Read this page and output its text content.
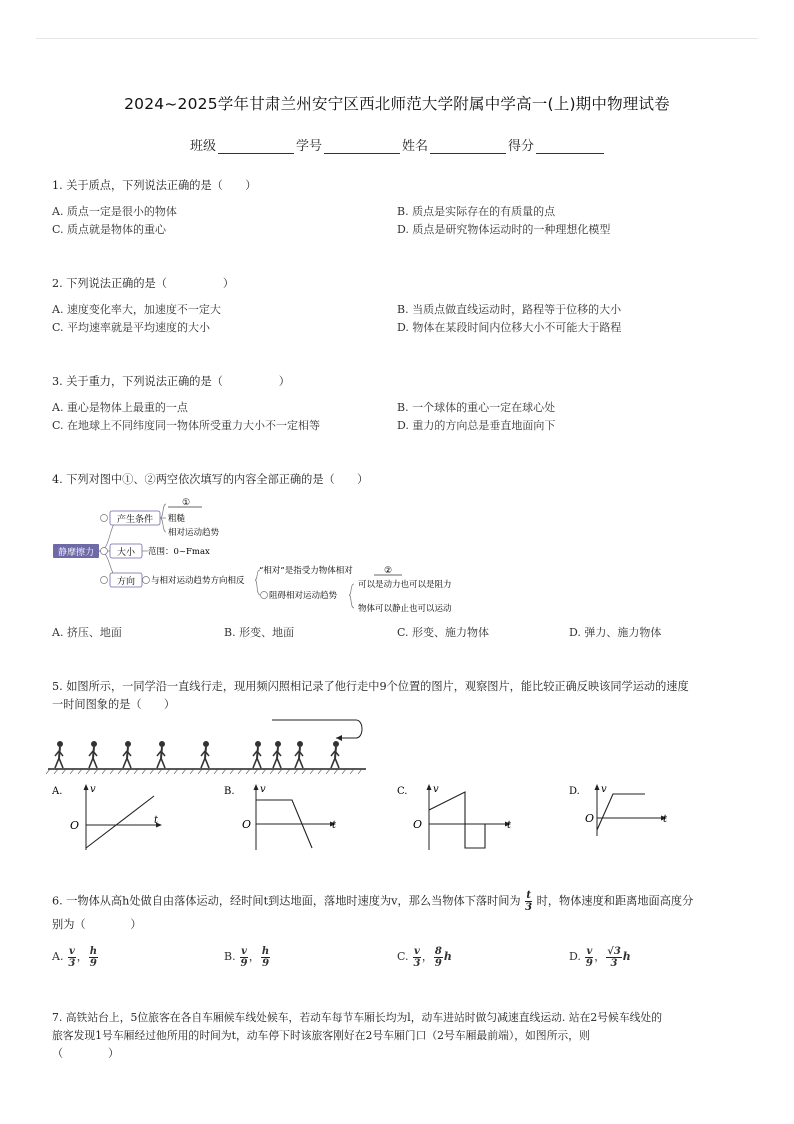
2024~2025学年甘肃兰州安宁区西北师范大学附属中学高一(上)期中物理试卷
班级	学号	姓名	得分
1. 关于质点，下列说法正确的是（　　）
A. 质点一定是很小的物体	B. 质点是实际存在的有质量的点
C. 质点就是物体的重心	D. 质点是研究物体运动时的一种理想化模型
2. 下列说法正确的是（　　　　　）
A. 速度变化率大，加速度不一定大	B. 当质点做直线运动时，路程等于位移的大小
C. 平均速率就是平均速度的大小	D. 物体在某段时间内位移大小不可能大于路程
3. 关于重力，下列说法正确的是（　　　　　）
A. 重心是物体上最重的一点	B. 一个球体的重心一定在球心处
C. 在地球上不同纬度同一物体所受重力大小不一定相等	D. 重力的方向总是垂直地面向下
4. 下列对图中①、②两空依次填写的内容全部正确的是（　　）
静摩擦力
产生条件
大小
方向
①
粗糙
相对运动趋势
范围：0~Fmax
与相对运动趋势方向相反
“相对”是指受力物体相对	②
阻碍相对运动趋势
可以是动力也可以是阻力
物体可以静止也可以运动
A. 挤压、地面	B. 形变、地面	C. 形变、施力物体	D. 弹力、施力物体
5. 如图所示，一同学沿一直线行走，现用频闪照相记录了他行走中9个位置的图片，观察图片，能比较正确反映该同学运动的速度
一时间图象的是（　　）
A.	v
O	t
B.	v
O	t
C.	v
O	t
D. v
O	t
6. 一物体从高h处做自由落体运动，经时间t到达地面，落地时速度为v，那么当物体下落时间为 $\frac{t}{3}$ 时，物体速度和距离地面高度分
别为（　　　　）
A. $\frac{v}{3}$ ， $\frac{h}{9}$	B. $\frac{v}{9}$ ， $\frac{h}{9}$	C. $\frac{v}{3}$ ， $\frac{8}{9}$ h	D. $\frac{v}{9}$ ， $\frac{√3}{3}$ h
7. 高铁站台上，5位旅客在各自车厢候车线处候车，若动车每节车厢长均为l，动车进站时做匀减速直线运动. 站在2号候车线处的
旅客发现1号车厢经过他所用的时间为t，动车停下时该旅客刚好在2号车厢门口（2号车厢最前端），如图所示，则
（　　　　）
